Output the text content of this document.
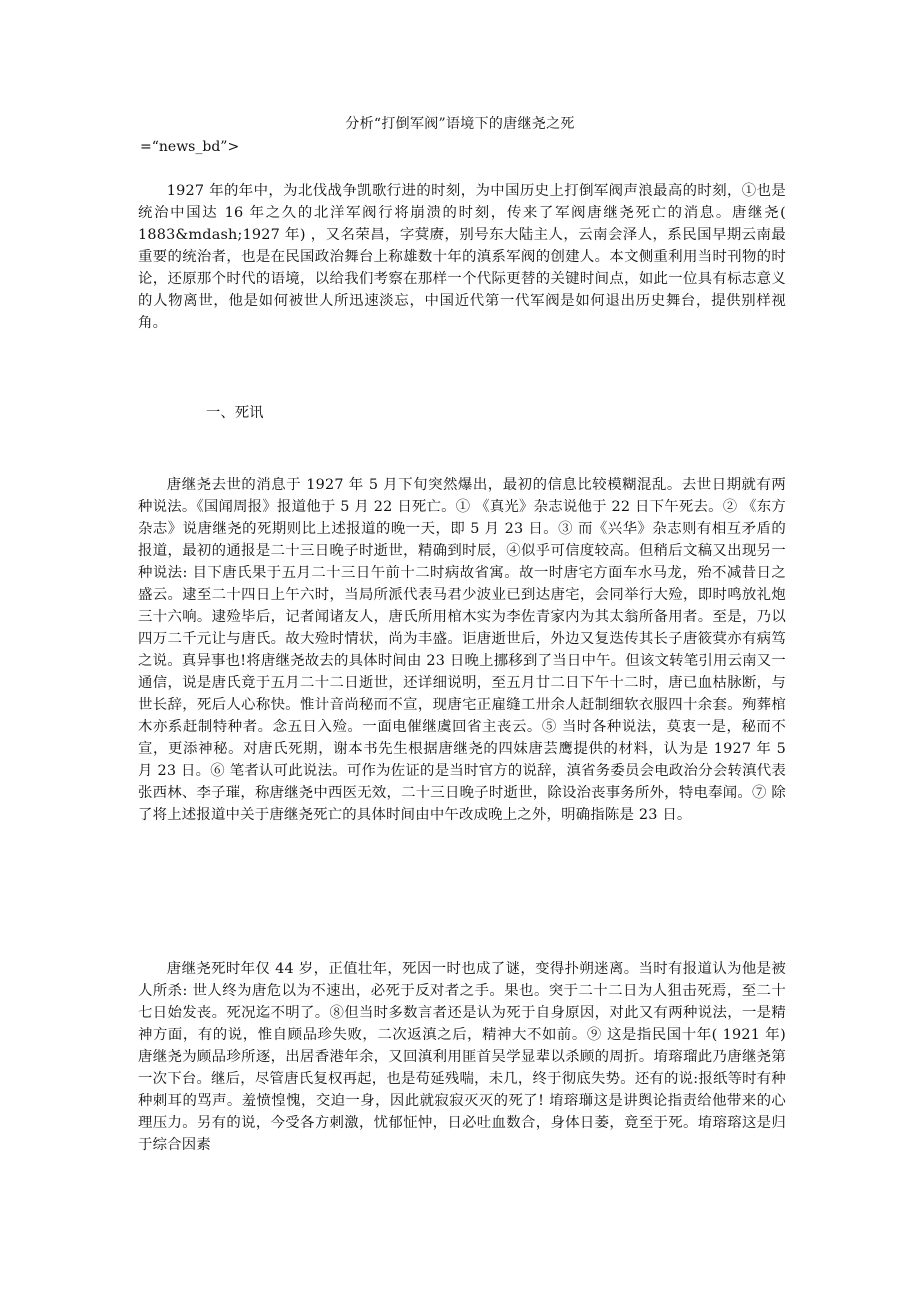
分析“打倒军阀”语境下的唐继尧之死
=“news_bd”>

1927 年的年中，为北伐战争凯歌行进的时刻，为中国历史上打倒军阀声浪最高的时刻，①也是统治中国达 16 年之久的北洋军阀行将崩溃的时刻，传来了军阀唐继尧死亡的消息。唐继尧( 1883&mdash;1927 年) ，又名荣昌，字蓂赓，别号东大陆主人，云南会泽人，系民国早期云南最重要的统治者，也是在民国政治舞台上称雄数十年的滇系军阀的创建人。本文侧重利用当时刊物的时论，还原那个时代的语境，以给我们考察在那样一个代际更替的关键时间点，如此一位具有标志意义的人物离世，他是如何被世人所迅速淡忘，中国近代第一代军阀是如何退出历史舞台，提供别样视角。

一、死讯

唐继尧去世的消息于 1927 年 5 月下旬突然爆出，最初的信息比较模糊混乱。去世日期就有两种说法。《国闻周报》报道他于 5 月 22 日死亡。① 《真光》杂志说他于 22 日下午死去。② 《东方杂志》说唐继尧的死期则比上述报道的晚一天，即 5 月 23 日。③ 而《兴华》杂志则有相互矛盾的报道，最初的通报是二十三日晚子时逝世，精确到时辰，④似乎可信度较高。但稍后文稿又出现另一种说法: 目下唐氏果于五月二十三日午前十二时病故省寓。故一时唐宅方面车水马龙，殆不减昔日之盛云。逮至二十四日上午六时，当局所派代表马君少波业已到达唐宅，会同举行大殓，即时鸣放礼炮三十六响。逮殓毕后，记者闻诸友人，唐氏所用棺木实为李佐青家内为其太翁所备用者。至是，乃以四万二千元让与唐氏。故大殓时情状，尚为丰盛。讵唐逝世后，外边又复迭传其长子唐筱蓂亦有病笃之说。真异事也!将唐继尧故去的具体时间由 23 日晚上挪移到了当日中午。但该文转笔引用云南又一通信，说是唐氏竟于五月二十二日逝世，还详细说明，至五月廿二日下午十二时，唐已血枯脉断，与世长辞，死后人心称快。惟计音尚秘而不宣，现唐宅正雇缝工卅余人赶制细软衣服四十余套。殉葬棺木亦系赶制特种者。念五日入殓。一面电催继虞回省主丧云。⑤ 当时各种说法，莫衷一是，秘而不宣，更添神秘。对唐氏死期，谢本书先生根据唐继尧的四妹唐芸鹰提供的材料，认为是 1927 年 5 月 23 日。⑥ 笔者认可此说法。可作为佐证的是当时官方的说辞，滇省务委员会电政治分会转滇代表张西林、李子璀，称唐继尧中西医无效，二十三日晚子时逝世，除设治丧事务所外，特电奉闻。⑦ 除了将上述报道中关于唐继尧死亡的具体时间由中午改成晚上之外，明确指陈是 23 日。

唐继尧死时年仅 44 岁，正值壮年，死因一时也成了谜，变得扑朔迷离。当时有报道认为他是被人所杀: 世人终为唐危以为不速出，必死于反对者之手。果也。突于二十二日为人狙击死焉，至二十七日始发丧。死况迄不明了。⑧但当时多数言者还是认为死于自身原因，对此又有两种说法，一是精神方面，有的说，惟自顾品珍失败，二次返滇之后，精神大不如前。⑨ 这是指民国十年( 1921 年) 唐继尧为顾品珍所逐，出居香港年余，又回滇利用匪首吴学显辈以杀顾的周折。堉瑢瑠此乃唐继尧第一次下台。继后，尽管唐氏复权再起，也是苟延残喘，未几，终于彻底失势。还有的说:报纸等时有种种刺耳的骂声。羞愤惶愧，交迫一身，因此就寂寂灭灭的死了! 堉瑢瑡这是讲舆论指责给他带来的心理压力。另有的说，今受各方刺激，忧郁怔忡，日必吐血数合，身体日萎，竟至于死。堉瑢瑢这是归于综合因素
